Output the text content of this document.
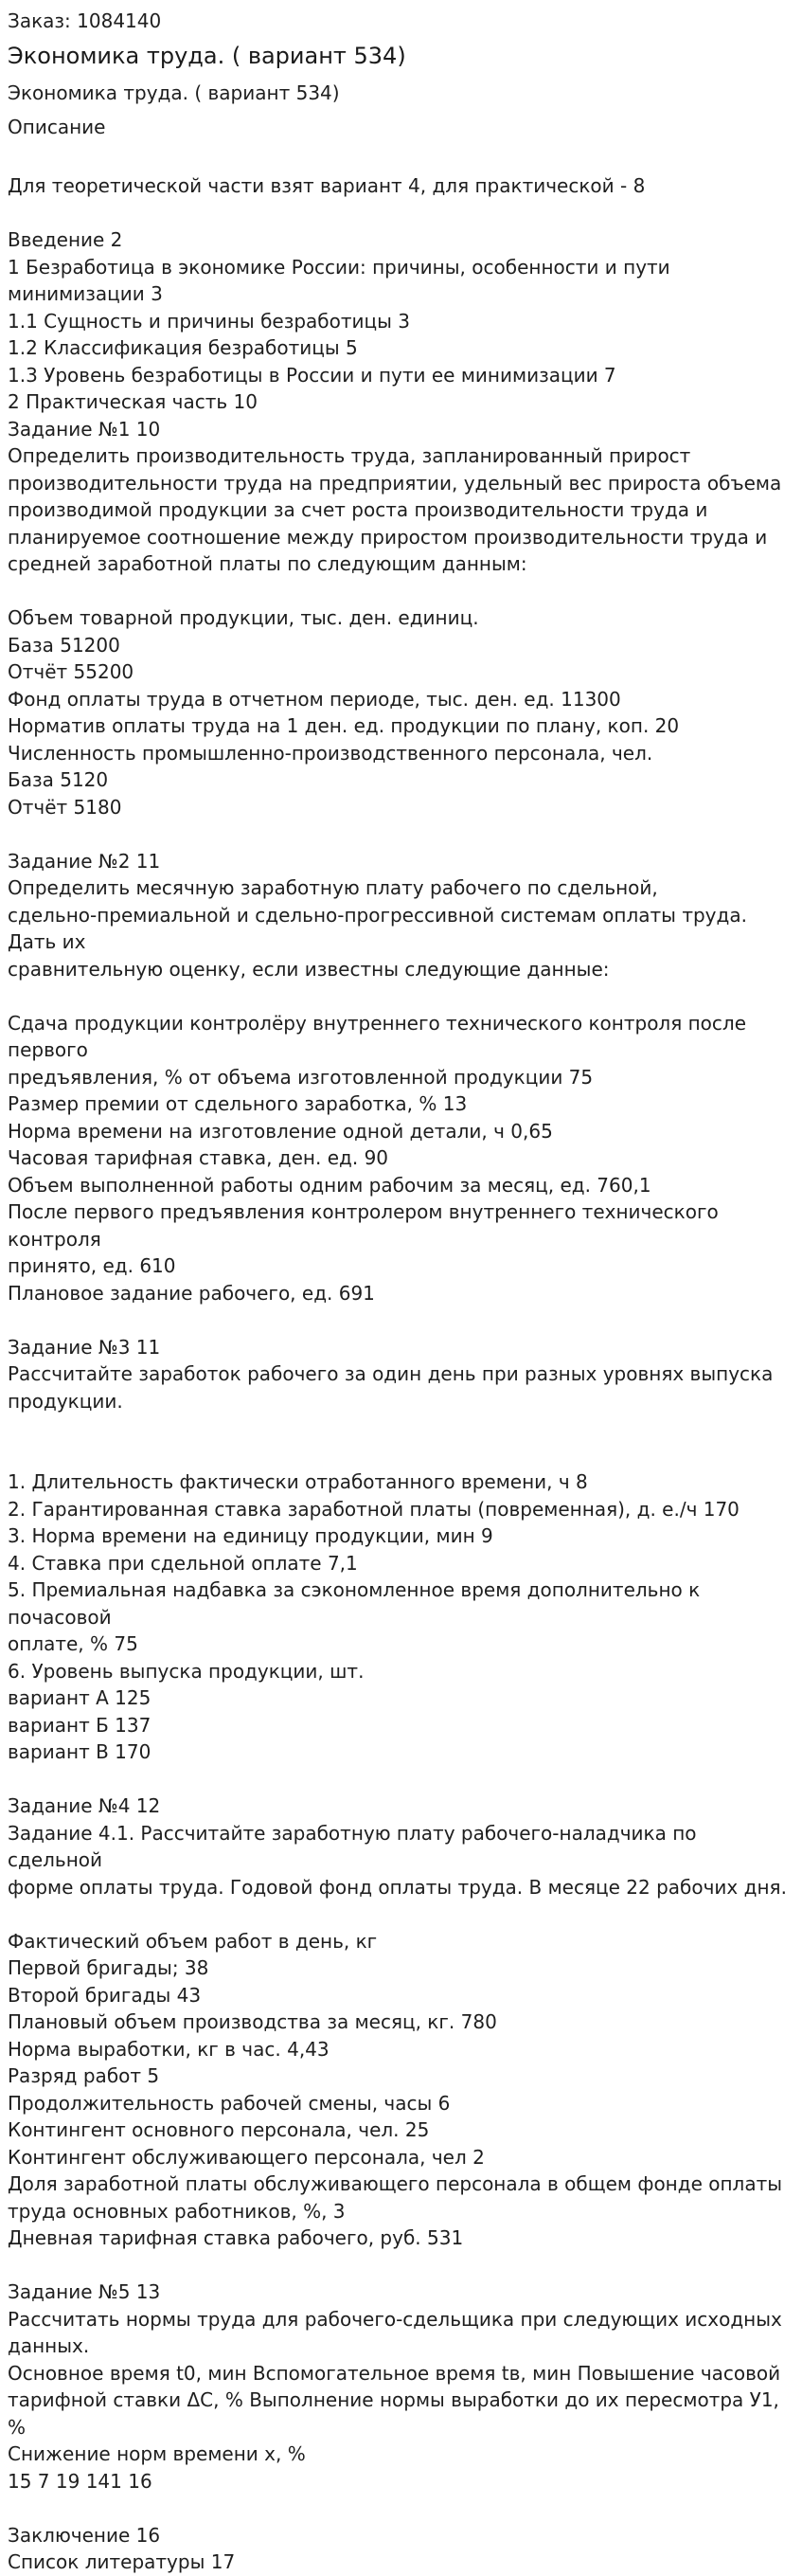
Заказ: 1084140

Экономика труда. ( вариант 534)

Экономика труда. ( вариант 534)

Описание

Для теоретической части взят вариант 4, для практической - 8

Введение 2

1 Безработица в экономике России: причины, особенности и пути минимизации 3

1.1 Сущность и причины безработицы 3

1.2 Классификация безработицы 5

1.3 Уровень безработицы в России и пути ее минимизации 7

2 Практическая часть 10

Задание №1 10

Определить производительность труда, запланированный прирост

производительности труда на предприятии, удельный вес прироста объема

производимой продукции за счет роста производительности труда и

планируемое соотношение между приростом производительности труда и

средней заработной платы по следующим данным:

Объем товарной продукции, тыс. ден. единиц.

База 51200

Отчёт 55200

Фонд оплаты труда в отчетном периоде, тыс. ден. ед. 11300

Норматив оплаты труда на 1 ден. ед. продукции по плану, коп. 20

Численность промышленно-производственного персонала, чел.

База 5120

Отчёт 5180

Задание №2 11

Определить месячную заработную плату рабочего по сдельной,

сдельно-премиальной и сдельно-прогрессивной системам оплаты труда. Дать их

сравнительную оценку, если известны следующие данные:

Сдача продукции контролёру внутреннего технического контроля после первого

предъявления, % от объема изготовленной продукции 75

Размер премии от сдельного заработка, % 13

Норма времени на изготовление одной детали, ч 0,65

Часовая тарифная ставка, ден. ед. 90

Объем выполненной работы одним рабочим за месяц, ед. 760,1

После первого предъявления контролером внутреннего технического контроля

принято, ед. 610

Плановое задание рабочего, ед. 691

Задание №3 11

Рассчитайте заработок рабочего за один день при разных уровнях выпуска

продукции.

1. Длительность фактически отработанного времени, ч 8

2. Гарантированная ставка заработной платы (повременная), д. е./ч 170

3. Норма времени на единицу продукции, мин 9

4. Ставка при сдельной оплате 7,1

5. Премиальная надбавка за сэкономленное время дополнительно к почасовой

оплате, % 75

6. Уровень выпуска продукции, шт.

вариант А 125

вариант Б 137

вариант В 170

Задание №4 12

Задание 4.1. Рассчитайте заработную плату рабочего-наладчика по сдельной

форме оплаты труда. Годовой фонд оплаты труда. В месяце 22 рабочих дня.

Фактический объем работ в день, кг

Первой бригады; 38

Второй бригады 43

Плановый объем производства за месяц, кг. 780

Норма выработки, кг в час. 4,43

Разряд работ 5

Продолжительность рабочей смены, часы 6

Контингент основного персонала, чел. 25

Контингент обслуживающего персонала, чел 2

Доля заработной платы обслуживающего персонала в общем фонде оплаты

труда основных работников, %, 3

Дневная тарифная ставка рабочего, руб. 531

Задание №5 13

Рассчитать нормы труда для рабочего-сдельщика при следующих исходных

данных.

Основное время t0, мин Вспомогательное время tв, мин Повышение часовой

тарифной ставки ΔС, % Выполнение нормы выработки до их пересмотра У1, %

Снижение норм времени х, %

15 7 19 141 16

Заключение 16

Список литературы 17
